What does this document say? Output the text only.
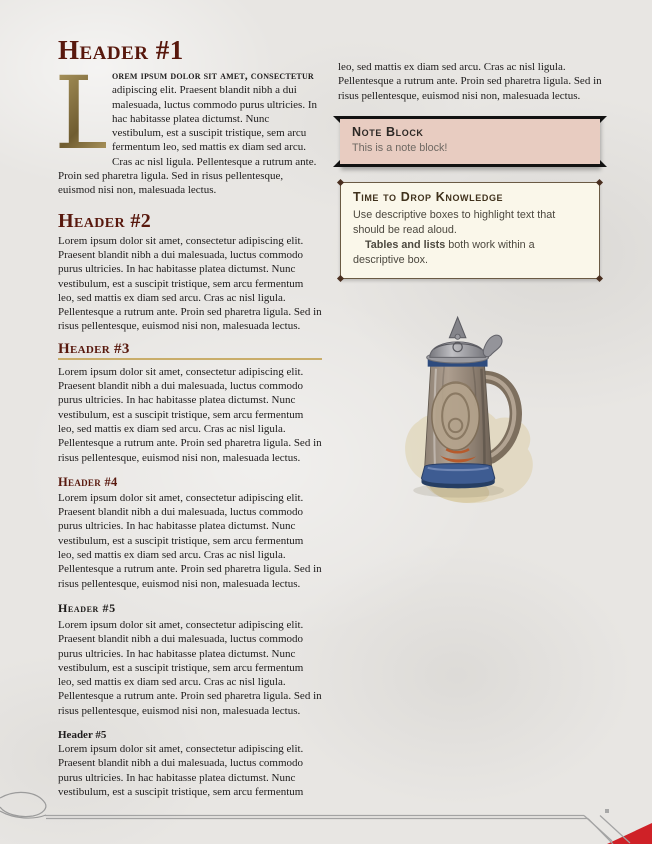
Header #1

L
orem ipsum dolor sit amet, consectetur adipiscing elit. Praesent blandit nibh a dui malesuada, luctus commodo purus ultricies. In hac habitasse platea dictumst. Nunc vestibulum, est a suscipit tristique, sem arcu fermentum leo, sed mattis ex diam sed arcu. Cras ac nisl ligula. Pellentesque a rutrum ante. Proin sed pharetra ligula. Sed in risus pellentesque, euismod nisi non, malesuada lectus.

Header #2

Lorem ipsum dolor sit amet, consectetur adipiscing elit. Praesent blandit nibh a dui malesuada, luctus commodo purus ultricies. In hac habitasse platea dictumst. Nunc vestibulum, est a suscipit tristique, sem arcu fermentum leo, sed mattis ex diam sed arcu. Cras ac nisl ligula. Pellentesque a rutrum ante. Proin sed pharetra ligula. Sed in risus pellentesque, euismod nisi non, malesuada lectus.

Header #3

Lorem ipsum dolor sit amet, consectetur adipiscing elit. Praesent blandit nibh a dui malesuada, luctus commodo purus ultricies. In hac habitasse platea dictumst. Nunc vestibulum, est a suscipit tristique, sem arcu fermentum leo, sed mattis ex diam sed arcu. Cras ac nisl ligula. Pellentesque a rutrum ante. Proin sed pharetra ligula. Sed in risus pellentesque, euismod nisi non, malesuada lectus.

Header #4

Lorem ipsum dolor sit amet, consectetur adipiscing elit. Praesent blandit nibh a dui malesuada, luctus commodo purus ultricies. In hac habitasse platea dictumst. Nunc vestibulum, est a suscipit tristique, sem arcu fermentum leo, sed mattis ex diam sed arcu. Cras ac nisl ligula. Pellentesque a rutrum ante. Proin sed pharetra ligula. Sed in risus pellentesque, euismod nisi non, malesuada lectus.

Header #5

Lorem ipsum dolor sit amet, consectetur adipiscing elit. Praesent blandit nibh a dui malesuada, luctus commodo purus ultricies. In hac habitasse platea dictumst. Nunc vestibulum, est a suscipit tristique, sem arcu fermentum leo, sed mattis ex diam sed arcu. Cras ac nisl ligula. Pellentesque a rutrum ante. Proin sed pharetra ligula. Sed in risus pellentesque, euismod nisi non, malesuada lectus.

Header #5

Lorem ipsum dolor sit amet, consectetur adipiscing elit. Praesent blandit nibh a dui malesuada, luctus commodo purus ultricies. In hac habitasse platea dictumst. Nunc vestibulum, est a suscipit tristique, sem arcu fermentum

leo, sed mattis ex diam sed arcu. Cras ac nisl ligula. Pellentesque a rutrum ante. Proin sed pharetra ligula. Sed in risus pellentesque, euismod nisi non, malesuada lectus.

Note Block

This is a note block!

Time to Drop Knowledge

Use descriptive boxes to highlight text that should be read aloud.
Tables and lists both work within a descriptive box.
